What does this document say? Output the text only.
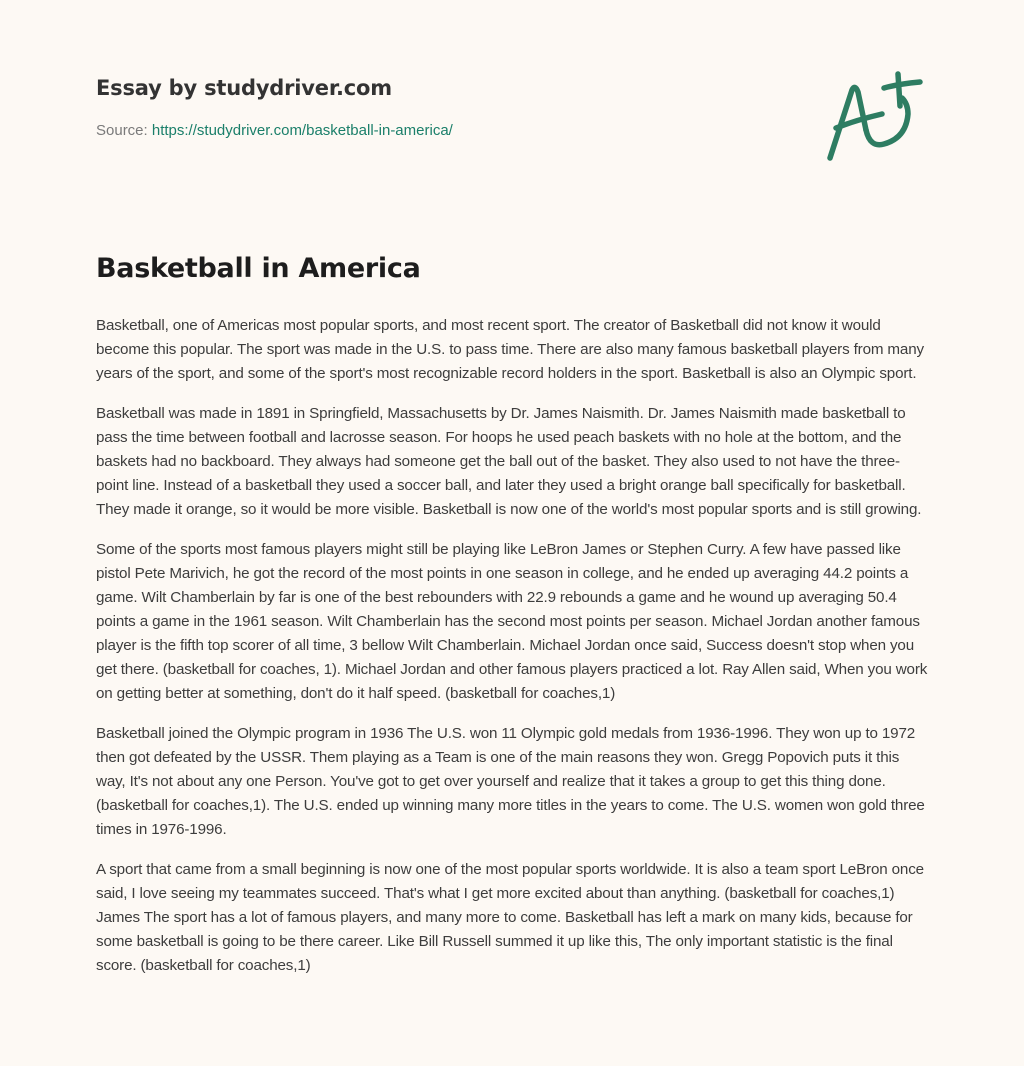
Essay by studydriver.com
Source: https://studydriver.com/basketball-in-america/
Basketball in America

Basketball, one of Americas most popular sports, and most recent sport. The creator of Basketball did not know it would become this popular. The sport was made in the U.S. to pass time. There are also many famous basketball players from many years of the sport, and some of the sport's most recognizable record holders in the sport. Basketball is also an Olympic sport.

Basketball was made in 1891 in Springfield, Massachusetts by Dr. James Naismith. Dr. James Naismith made basketball to pass the time between football and lacrosse season. For hoops he used peach baskets with no hole at the bottom, and the baskets had no backboard. They always had someone get the ball out of the basket. They also used to not have the three-point line. Instead of a basketball they used a soccer ball, and later they used a bright orange ball specifically for basketball. They made it orange, so it would be more visible. Basketball is now one of the world's most popular sports and is still growing.

Some of the sports most famous players might still be playing like LeBron James or Stephen Curry. A few have passed like pistol Pete Marivich, he got the record of the most points in one season in college, and he ended up averaging 44.2 points a game. Wilt Chamberlain by far is one of the best rebounders with 22.9 rebounds a game and he wound up averaging 50.4 points a game in the 1961 season. Wilt Chamberlain has the second most points per season. Michael Jordan another famous player is the fifth top scorer of all time, 3 bellow Wilt Chamberlain. Michael Jordan once said, Success doesn't stop when you get there. (basketball for coaches, 1). Michael Jordan and other famous players practiced a lot. Ray Allen said, When you work on getting better at something, don't do it half speed. (basketball for coaches,1)

Basketball joined the Olympic program in 1936 The U.S. won 11 Olympic gold medals from 1936-1996. They won up to 1972 then got defeated by the USSR. Them playing as a Team is one of the main reasons they won. Gregg Popovich puts it this way, It's not about any one Person. You've got to get over yourself and realize that it takes a group to get this thing done. (basketball for coaches,1). The U.S. ended up winning many more titles in the years to come. The U.S. women won gold three times in 1976-1996.

A sport that came from a small beginning is now one of the most popular sports worldwide. It is also a team sport LeBron once said, I love seeing my teammates succeed. That's what I get more excited about than anything. (basketball for coaches,1) James The sport has a lot of famous players, and many more to come. Basketball has left a mark on many kids, because for some basketball is going to be there career. Like Bill Russell summed it up like this, The only important statistic is the final score. (basketball for coaches,1)
